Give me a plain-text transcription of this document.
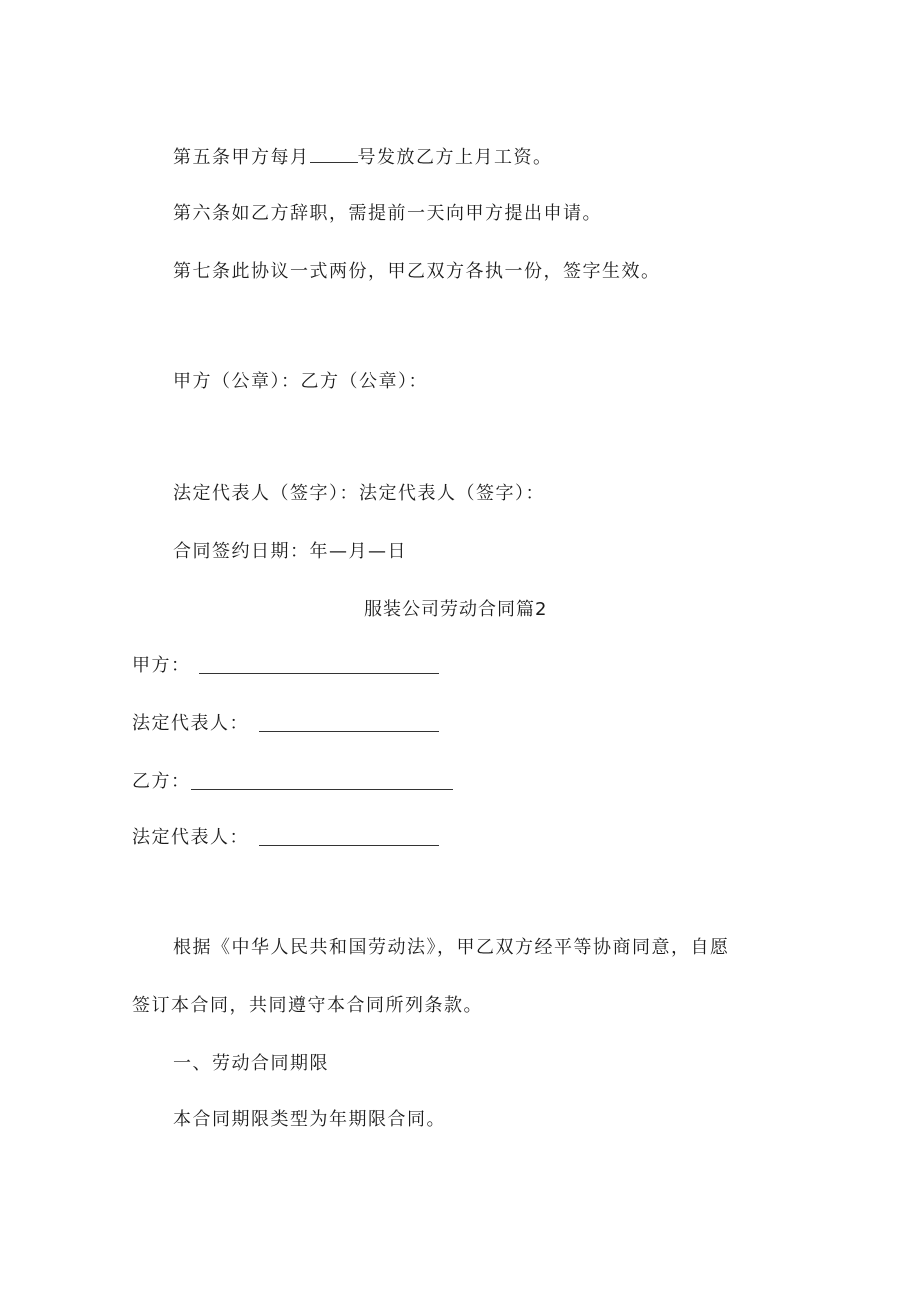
第五条甲方每月	号发放乙方上月工资。
第六条如乙方辞职，需提前一天向甲方提出申请。
第七条此协议一式两份，甲乙双方各执一份，签字生效。
甲方（公章）：乙方（公章）：
法定代表人（签字）：法定代表人（签字）：
合同签约日期：年—月—日
服装公司劳动合同篇2
甲方：
法定代表人：
乙方：
法定代表人：
根据《中华人民共和国劳动法》，甲乙双方经平等协商同意，自愿
签订本合同，共同遵守本合同所列条款。
一、劳动合同期限
本合同期限类型为年期限合同。
